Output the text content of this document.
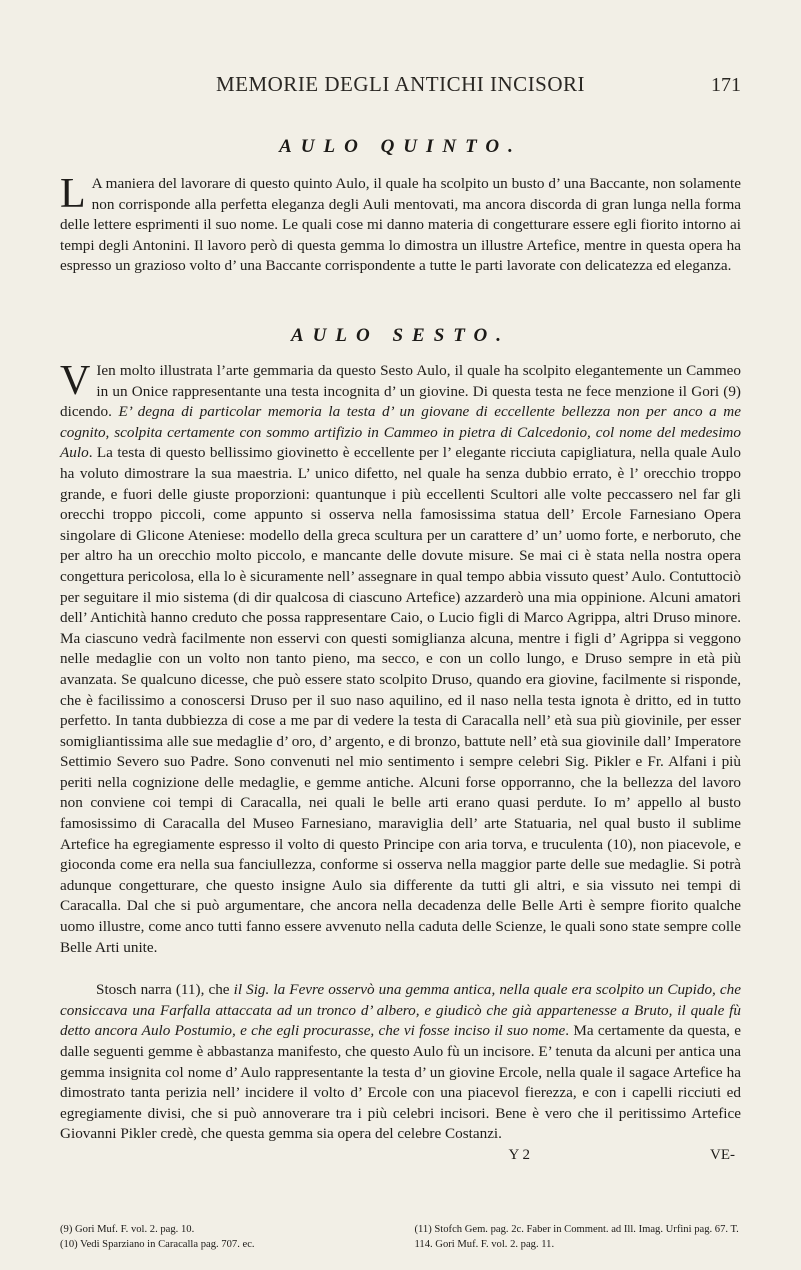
MEMORIE DEGLI ANTICHI INCISORI	171
AULO QUINTO.

L A maniera del lavorare di questo quinto Aulo, il quale ha scolpito un busto d’ una Baccante, non solamente non corrisponde alla perfetta eleganza degli Auli mentovati, ma ancora discorda di gran lunga nella forma delle lettere esprimenti il suo nome. Le quali cose mi danno materia di congetturare essere egli fiorito intorno ai tempi degli Antonini. Il lavoro però di questa gemma lo dimostra un illustre Artefice, mentre in questa opera ha espresso un grazioso volto d’ una Baccante corrispondente a tutte le parti lavorate con delicatezza ed eleganza.

AULO SESTO.

V Ien molto illustrata l’arte gemmaria da questo Sesto Aulo, il quale ha scolpito elegantemente un Cammeo in un Onice rappresentante una testa incognita d’ un giovine. Di questa testa ne fece menzione il Gori (9) dicendo. E’ degna di particolar memoria la testa d’ un giovane di eccellente bellezza non per anco a me cognito, scolpita certamente con sommo artifizio in Cammeo in pietra di Calcedonio, col nome del medesimo Aulo. La testa di questo bellissimo giovinetto è eccellente per l’ elegante ricciuta capigliatura, nella quale Aulo ha voluto dimostrare la sua maestria. L’ unico difetto, nel quale ha senza dubbio errato, è l’ orecchio troppo grande, e fuori delle giuste proporzioni: quantunque i più eccellenti Scultori alle volte peccassero nel far gli orecchi troppo piccoli, come appunto si osserva nella famosissima statua dell’ Ercole Farnesiano Opera singolare di Glicone Ateniese: modello della greca scultura per un carattere d’ un’ uomo forte, e nerboruto, che per altro ha un orecchio molto piccolo, e mancante delle dovute misure. Se mai ci è stata nella nostra opera congettura pericolosa, ella lo è sicuramente nell’ assegnare in qual tempo abbia vissuto quest’ Aulo. Contuttociò per seguitare il mio sistema (di dir qualcosa di ciascuno Artefice) azzarderò una mia oppinione. Alcuni amatori dell’ Antichità hanno creduto che possa rappresentare Caio, o Lucio figli di Marco Agrippa, altri Druso minore. Ma ciascuno vedrà facilmente non esservi con questi somiglianza alcuna, mentre i figli d’ Agrippa si veggono nelle medaglie con un volto non tanto pieno, ma secco, e con un collo lungo, e Druso sempre in età più avanzata. Se qualcuno dicesse, che può essere stato scolpito Druso, quando era giovine, facilmente si risponde, che è facilissimo a conoscersi Druso per il suo naso aquilino, ed il naso nella testa ignota è dritto, ed in tutto perfetto. In tanta dubbiezza di cose a me par di vedere la testa di Caracalla nell’ età sua più giovinile, per esser somigliantissima alle sue medaglie d’ oro, d’ argento, e di bronzo, battute nell’ età sua giovinile dall’ Imperatore Settimio Severo suo Padre. Sono convenuti nel mio sentimento i sempre celebri Sig. Pikler e Fr. Alfani i più periti nella cognizione delle medaglie, e gemme antiche. Alcuni forse opporranno, che la bellezza del lavoro non conviene coi tempi di Caracalla, nei quali le belle arti erano quasi perdute. Io m’ appello al busto famosissimo di Caracalla del Museo Farnesiano, maraviglia dell’ arte Statuaria, nel qual busto il sublime Artefice ha egregiamente espresso il volto di questo Principe con aria torva, e truculenta (10), non piacevole, e gioconda come era nella sua fanciullezza, conforme si osserva nella maggior parte delle sue medaglie. Si potrà adunque congetturare, che questo insigne Aulo sia differente da tutti gli altri, e sia vissuto nei tempi di Caracalla. Dal che si può argumentare, che ancora nella decadenza delle Belle Arti è sempre fiorito qualche uomo illustre, come anco tutti fanno essere avvenuto nella caduta delle Scienze, le quali sono state sempre colle Belle Arti unite.

Stosch narra (11), che il Sig. la Fevre osservò una gemma antica, nella quale era scolpito un Cupido, che consiccava una Farfalla attaccata ad un tronco d’ albero, e giudicò che già appartenesse a Bruto, il quale fù detto ancora Aulo Postumio, e che egli procurasse, che vi fosse inciso il suo nome. Ma certamente da questa, e dalle seguenti gemme è abbastanza manifesto, che questo Aulo fù un incisore. E’ tenuta da alcuni per antica una gemma insignita col nome d’ Aulo rappresentante la testa d’ un giovine Ercole, nella quale il sagace Artefice ha dimostrato tanta perizia nell’ incidere il volto d’ Ercole con una piacevol fierezza, e con i capelli ricciuti ed egregiamente divisi, che si può annoverare tra i più celebri incisori. Bene è vero che il peritissimo Artefice Giovanni Pikler credè, che questa gemma sia opera del celebre Costanzi.

Y 2	VE-
(9) Gori Muf. F. vol. 2. pag. 10.
(10) Vedi Sparziano in Caracalla pag. 707. ec.
(11) Stofch Gem. pag. 2c. Faber in Comment. ad Ill. Imag. Urfini pag. 67. T. 114. Gori Muf. F. vol. 2. pag. 11.
